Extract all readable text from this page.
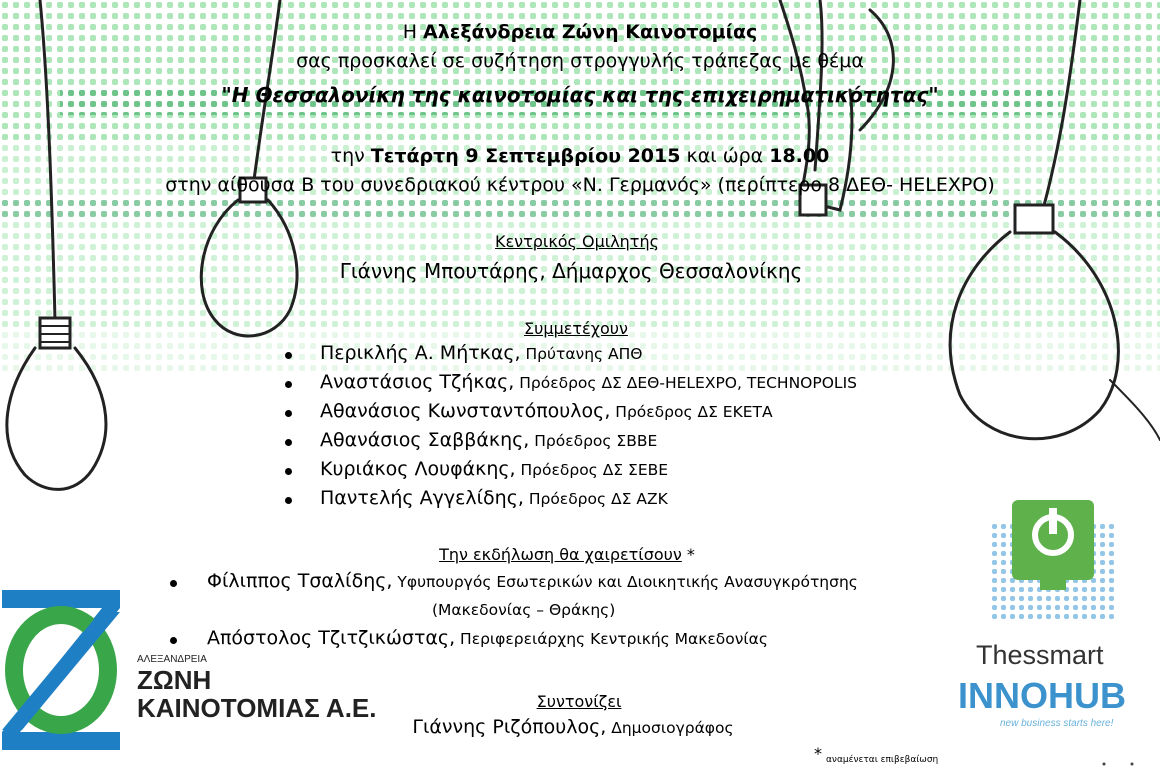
Η Αλεξάνδρεια Ζώνη Καινοτομίας
σας προσκαλεί σε συζήτηση στρογγυλής τράπεζας με θέμα
"Η Θεσσαλονίκη της καινοτομίας και της επιχειρηματικότητας"
την Τετάρτη 9 Σεπτεμβρίου 2015 και ώρα 18.00
στην αίθουσα Β του συνεδριακού κέντρου «Ν. Γερμανός» (περίπτερο 8 ΔΕΘ- HELEXPO)
Κεντρικός Ομιλητής
Γιάννης Μπουτάρης, Δήμαρχος Θεσσαλονίκης
Συμμετέχουν
Περικλής Α. Μήτκας, Πρύτανης ΑΠΘ
Αναστάσιος Τζήκας, Πρόεδρος ΔΣ ΔΕΘ-HELEXPO, TECHNOPOLIS
Αθανάσιος Κωνσταντόπουλος, Πρόεδρος ΔΣ ΕΚΕΤΑ
Αθανάσιος Σαββάκης, Πρόεδρος ΣΒΒΕ
Κυριάκος Λουφάκης, Πρόεδρος ΔΣ ΣΕΒΕ
Παντελής Αγγελίδης, Πρόεδρος ΔΣ ΑΖΚ
Την εκδήλωση θα χαιρετίσουν *
Φίλιππος Τσαλίδης, Υφυπουργός Εσωτερικών και Διοικητικής Ανασυγκρότησης
(Μακεδονίας – Θράκης)
Απόστολος Τζιτζικώστας, Περιφερειάρχης Κεντρικής Μακεδονίας
Συντονίζει
Γιάννης Ριζόπουλος, Δημοσιογράφος
* αναμένεται επιβεβαίωση
ΑΛΕΞΑΝΔΡΕΙΑ
ΖΩΝΗ
ΚΑΙΝΟΤΟΜΙΑΣ Α.Ε.
Thessmart
INNOHUB
new business starts here!
